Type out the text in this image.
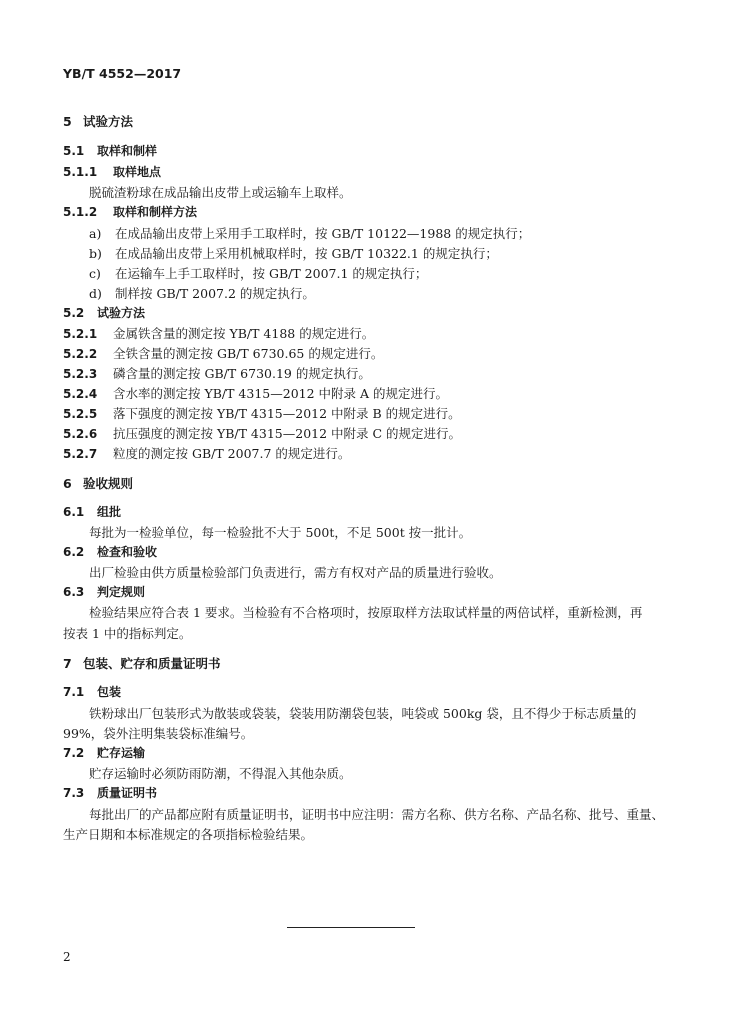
YB/T 4552—2017
5 试验方法
5.1 取样和制样
5.1.1 取样地点
脱硫渣粉球在成品输出皮带上或运输车上取样。
5.1.2 取样和制样方法
a) 在成品输出皮带上采用手工取样时，按 GB/T 10122—1988 的规定执行；
b) 在成品输出皮带上采用机械取样时，按 GB/T 10322.1 的规定执行；
c) 在运输车上手工取样时，按 GB/T 2007.1 的规定执行；
d) 制样按 GB/T 2007.2 的规定执行。
5.2 试验方法
5.2.1 金属铁含量的测定按 YB/T 4188 的规定进行。
5.2.2 全铁含量的测定按 GB/T 6730.65 的规定进行。
5.2.3 磷含量的测定按 GB/T 6730.19 的规定执行。
5.2.4 含水率的测定按 YB/T 4315—2012 中附录 A 的规定进行。
5.2.5 落下强度的测定按 YB/T 4315—2012 中附录 B 的规定进行。
5.2.6 抗压强度的测定按 YB/T 4315—2012 中附录 C 的规定进行。
5.2.7 粒度的测定按 GB/T 2007.7 的规定进行。
6 验收规则
6.1 组批
每批为一检验单位，每一检验批不大于 500t，不足 500t 按一批计。
6.2 检查和验收
出厂检验由供方质量检验部门负责进行，需方有权对产品的质量进行验收。
6.3 判定规则
检验结果应符合表 1 要求。当检验有不合格项时，按原取样方法取试样量的两倍试样，重新检测，再
按表 1 中的指标判定。
7 包装、贮存和质量证明书
7.1 包装
铁粉球出厂包装形式为散装或袋装，袋装用防潮袋包装，吨袋或 500kg 袋，且不得少于标志质量的
99%，袋外注明集装袋标准编号。
7.2 贮存运输
贮存运输时必须防雨防潮，不得混入其他杂质。
7.3 质量证明书
每批出厂的产品都应附有质量证明书，证明书中应注明：需方名称、供方名称、产品名称、批号、重量、
生产日期和本标准规定的各项指标检验结果。
2
